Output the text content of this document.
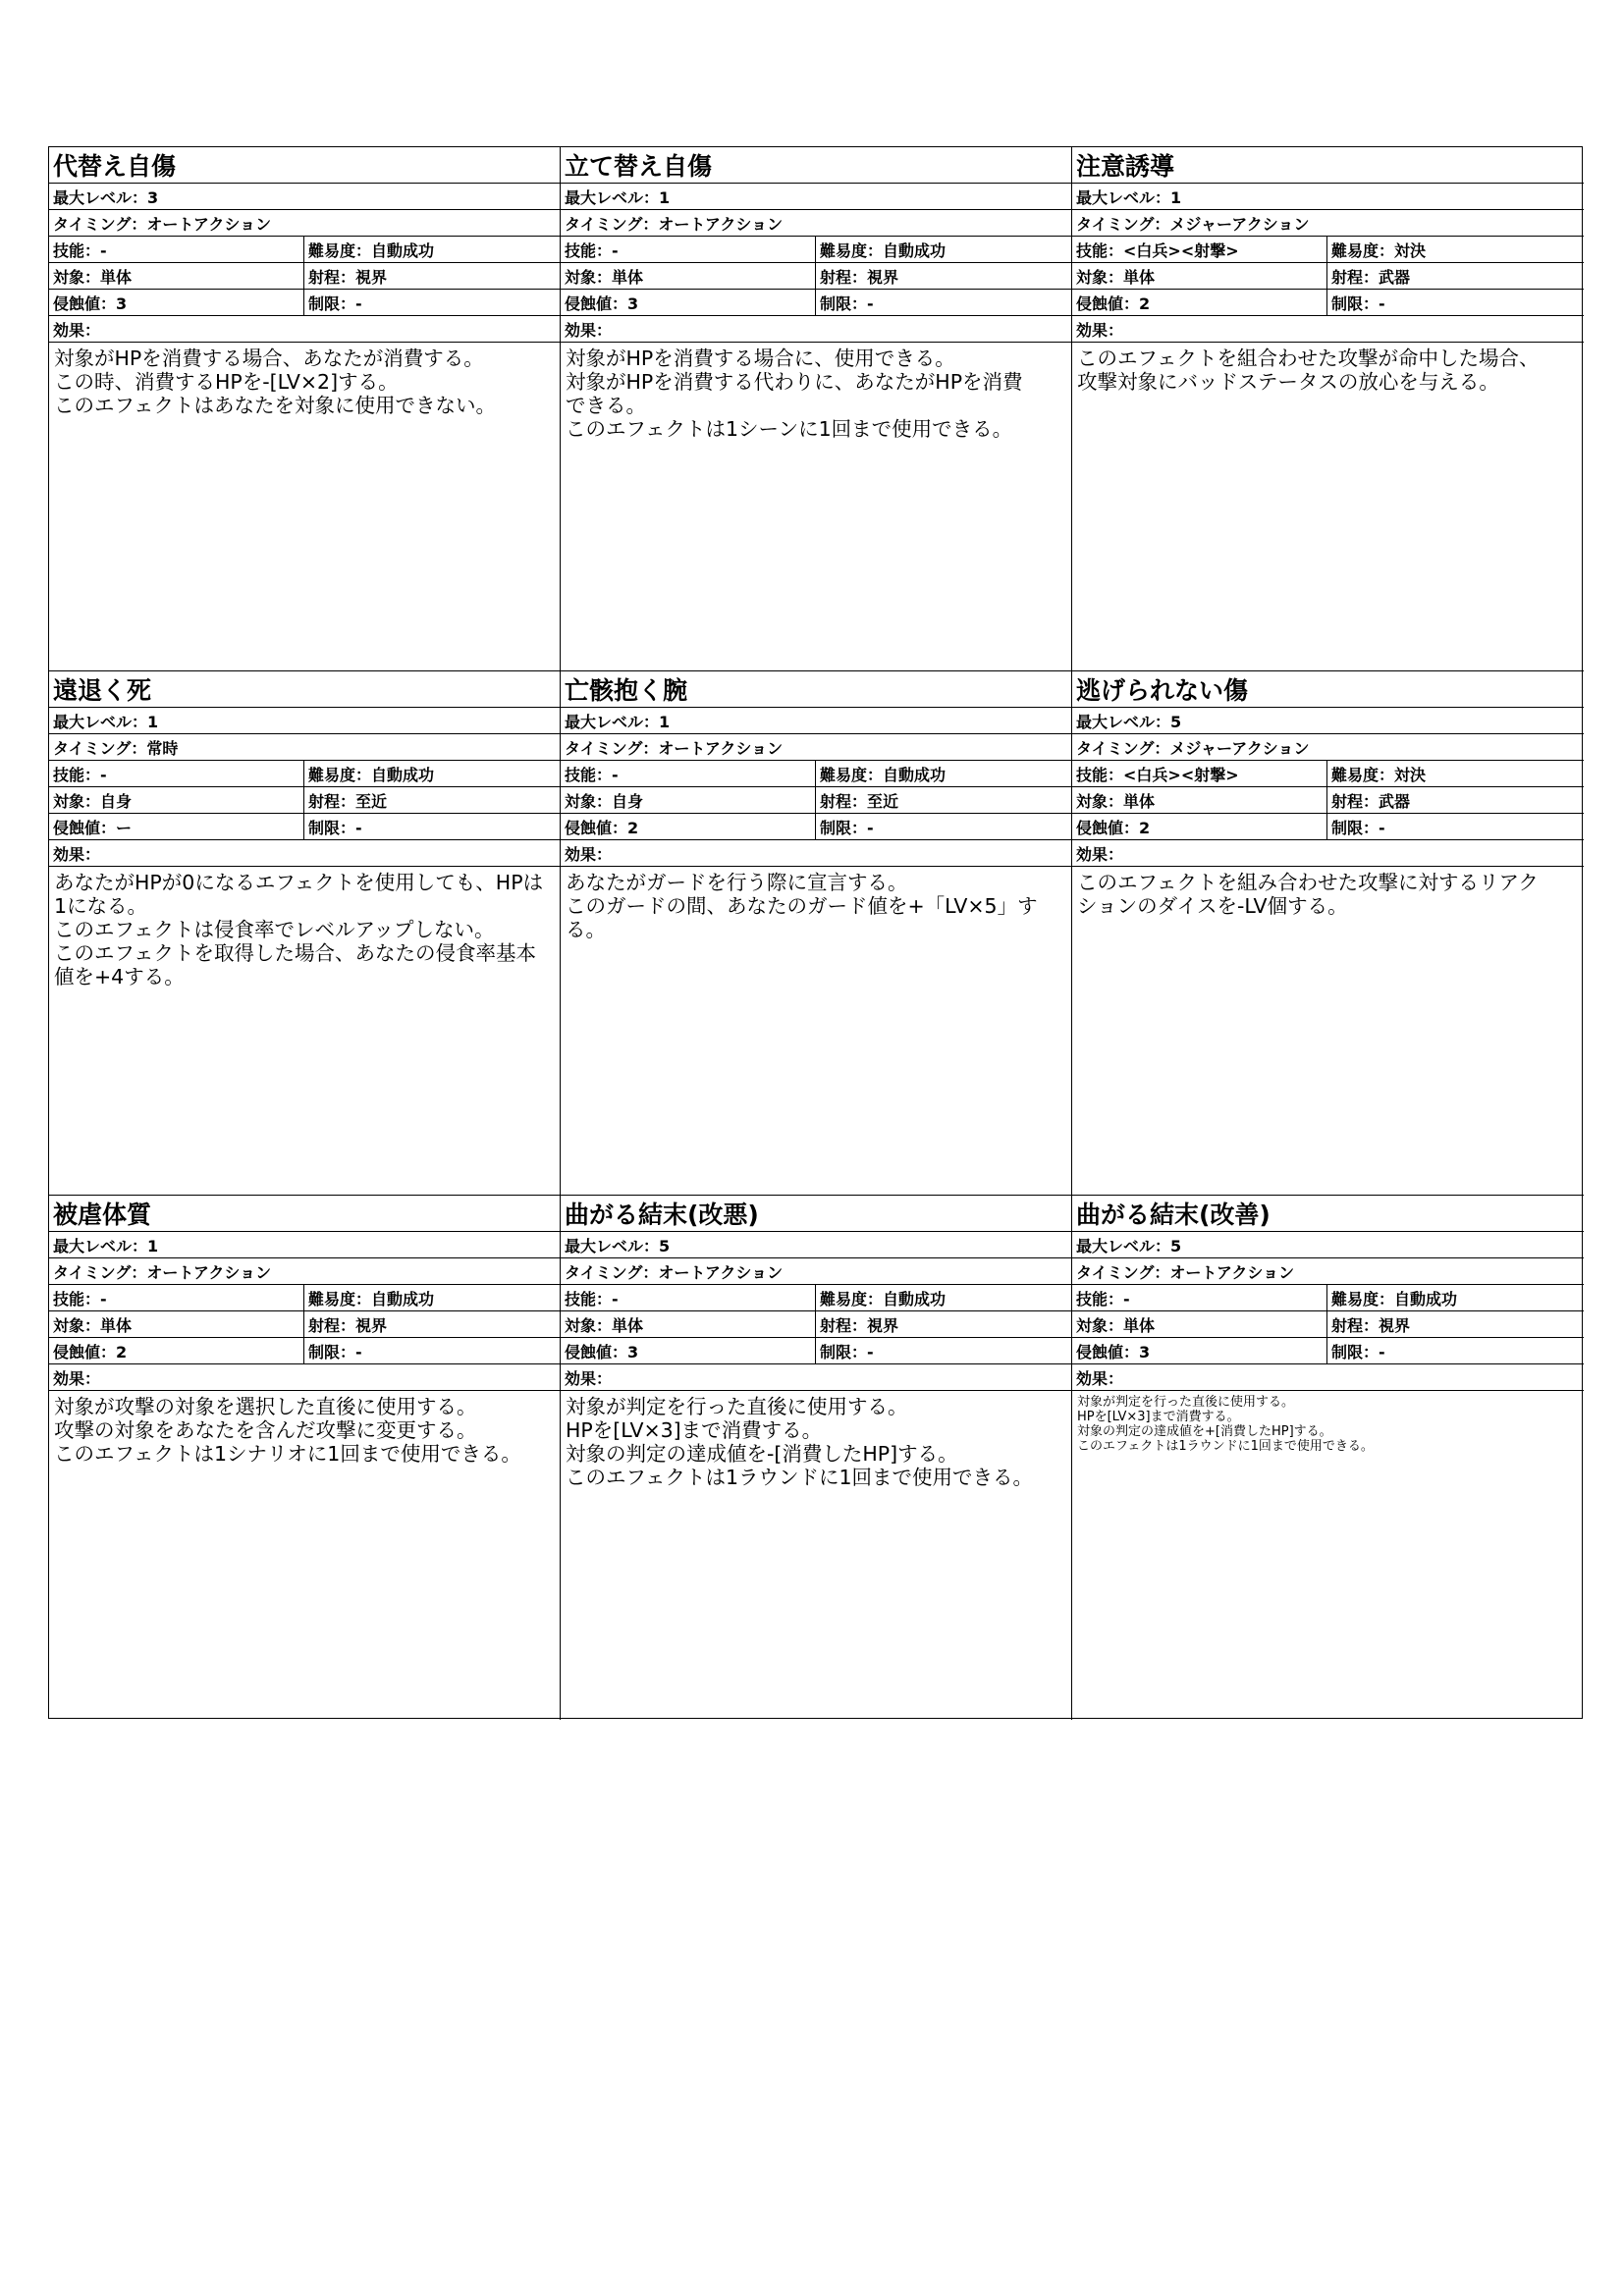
代替え自傷
最大レベル：3
タイミング：オートアクション
技能：-	難易度：自動成功
対象：単体	射程：視界
侵蝕値：3	制限：-
効果：
対象がHPを消費する場合、あなたが消費する。
この時、消費するHPを-[LV×2]する。
このエフェクトはあなたを対象に使用できない。
立て替え自傷
最大レベル：1
タイミング：オートアクション
技能：-	難易度：自動成功
対象：単体	射程：視界
侵蝕値：3	制限：-
効果：
対象がHPを消費する場合に、使用できる。
対象がHPを消費する代わりに、あなたがHPを消費
できる。
このエフェクトは1シーンに1回まで使用できる。
注意誘導
最大レベル：1
タイミング：メジャーアクション
技能：<白兵><射撃>	難易度：対決
対象：単体	射程：武器
侵蝕値：2	制限：-
効果：
このエフェクトを組合わせた攻撃が命中した場合、
攻撃対象にバッドステータスの放心を与える。
遠退く死
最大レベル：1
タイミング：常時
技能：-	難易度：自動成功
対象：自身	射程：至近
侵蝕値：ー	制限：-
効果：
あなたがHPが0になるエフェクトを使用しても、HPは
1になる。
このエフェクトは侵食率でレベルアップしない。
このエフェクトを取得した場合、あなたの侵食率基本
値を+4する。
亡骸抱く腕
最大レベル：1
タイミング：オートアクション
技能：-	難易度：自動成功
対象：自身	射程：至近
侵蝕値：2	制限：-
効果：
あなたがガードを行う際に宣言する。
このガードの間、あなたのガード値を+「LV×5」する。
逃げられない傷
最大レベル：5
タイミング：メジャーアクション
技能：<白兵><射撃>	難易度：対決
対象：単体	射程：武器
侵蝕値：2	制限：-
効果：
このエフェクトを組み合わせた攻撃に対するリアク
ションのダイスを-LV個する。
被虐体質
最大レベル：1
タイミング：オートアクション
技能：-	難易度：自動成功
対象：単体	射程：視界
侵蝕値：2	制限：-
効果：
対象が攻撃の対象を選択した直後に使用する。
攻撃の対象をあなたを含んだ攻撃に変更する。
このエフェクトは1シナリオに1回まで使用できる。
曲がる結末(改悪)
最大レベル：5
タイミング：オートアクション
技能：-	難易度：自動成功
対象：単体	射程：視界
侵蝕値：3	制限：-
効果：
対象が判定を行った直後に使用する。
HPを[LV×3]まで消費する。
対象の判定の達成値を-[消費したHP]する。
このエフェクトは1ラウンドに1回まで使用できる。
曲がる結末(改善)
最大レベル：5
タイミング：オートアクション
技能：-	難易度：自動成功
対象：単体	射程：視界
侵蝕値：3	制限：-
効果：
対象が判定を行った直後に使用する。
HPを[LV×3]まで消費する。
対象の判定の達成値を+[消費したHP]する。
このエフェクトは1ラウンドに1回まで使用できる。
